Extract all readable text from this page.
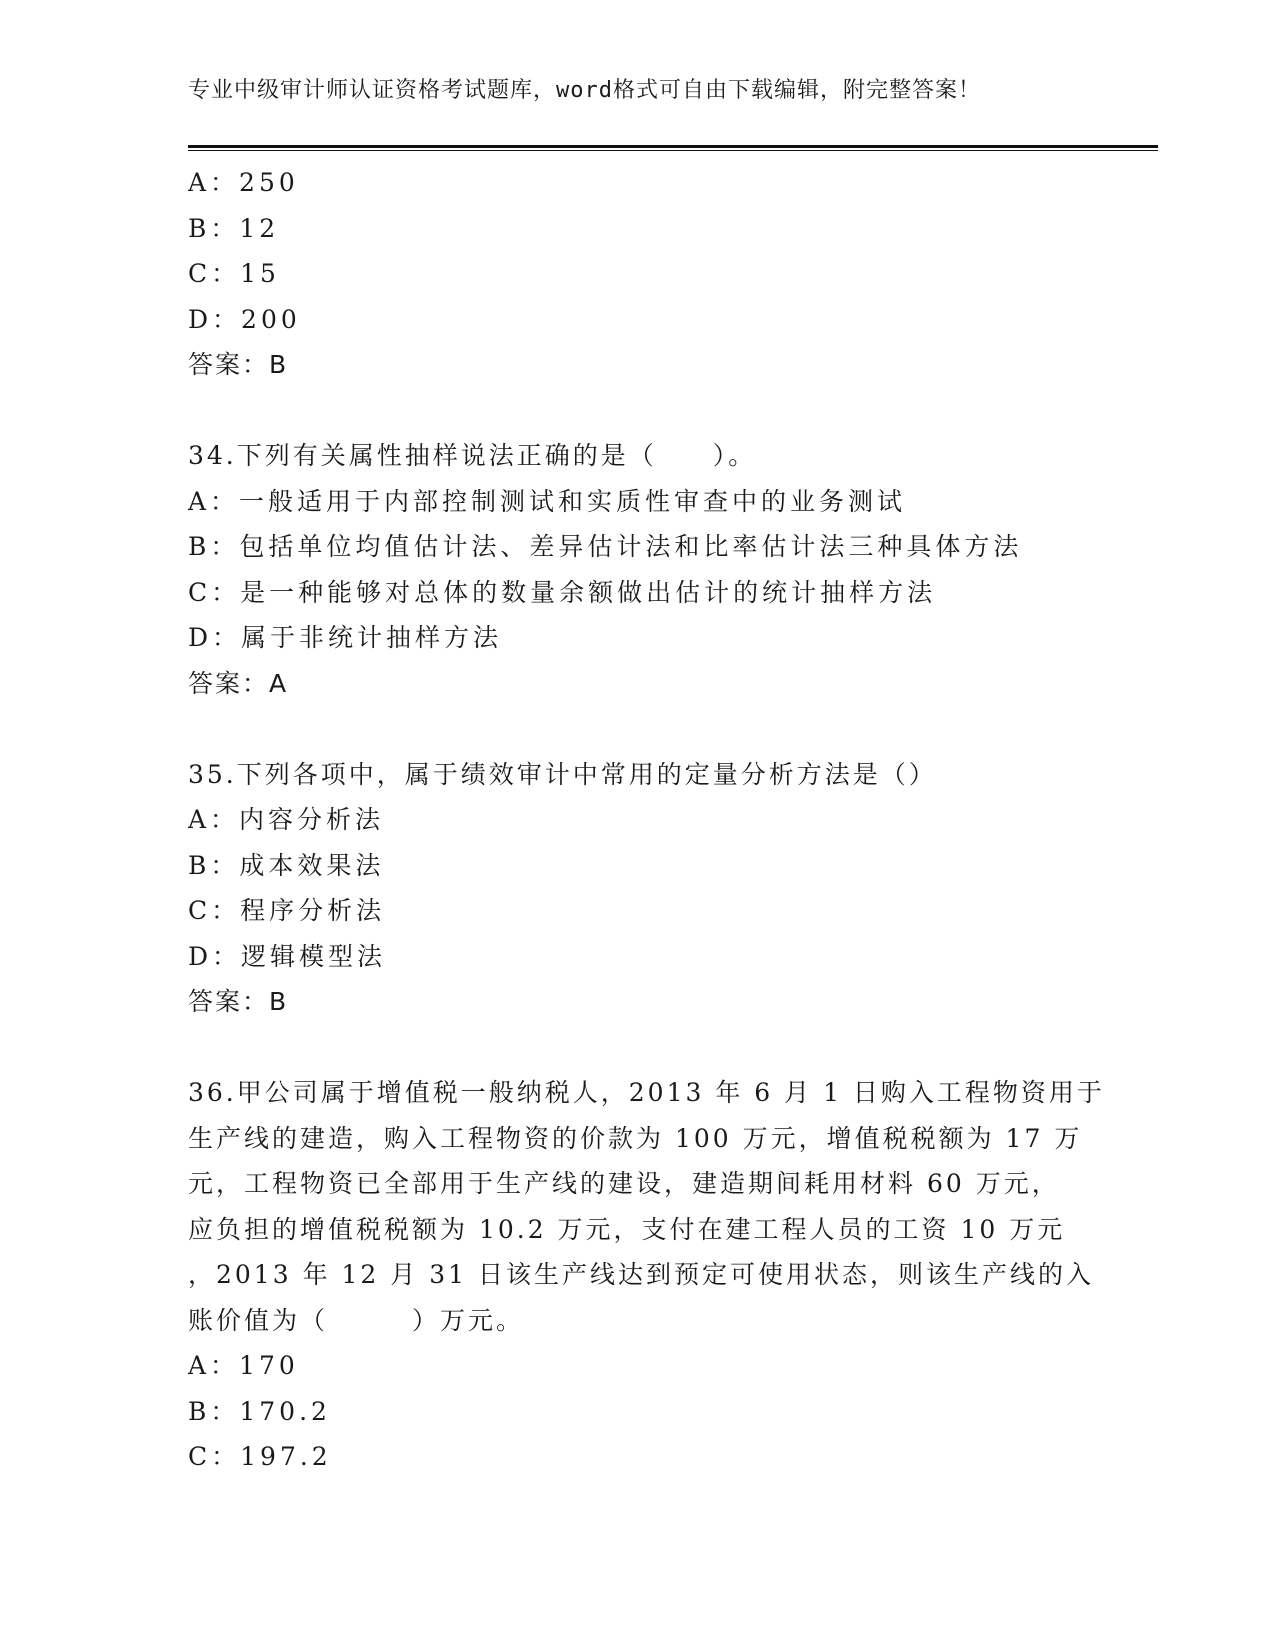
专业中级审计师认证资格考试题库，word格式可自由下载编辑，附完整答案！
A：250
B：12
C：15
D：200
答案：B
34.下列有关属性抽样说法正确的是（　　）。
A：一般适用于内部控制测试和实质性审查中的业务测试
B：包括单位均值估计法、差异估计法和比率估计法三种具体方法
C：是一种能够对总体的数量余额做出估计的统计抽样方法
D：属于非统计抽样方法
答案：A
35.下列各项中，属于绩效审计中常用的定量分析方法是（）
A：内容分析法
B：成本效果法
C：程序分析法
D：逻辑模型法
答案：B
36.甲公司属于增值税一般纳税人，2013 年 6 月 1 日购入工程物资用于
生产线的建造，购入工程物资的价款为 100 万元，增值税税额为 17 万
元，工程物资已全部用于生产线的建设，建造期间耗用材料 60 万元，
应负担的增值税税额为 10.2 万元，支付在建工程人员的工资 10 万元
，2013 年 12 月 31 日该生产线达到预定可使用状态，则该生产线的入
账价值为（　　　）万元。
A：170
B：170.2
C：197.2
